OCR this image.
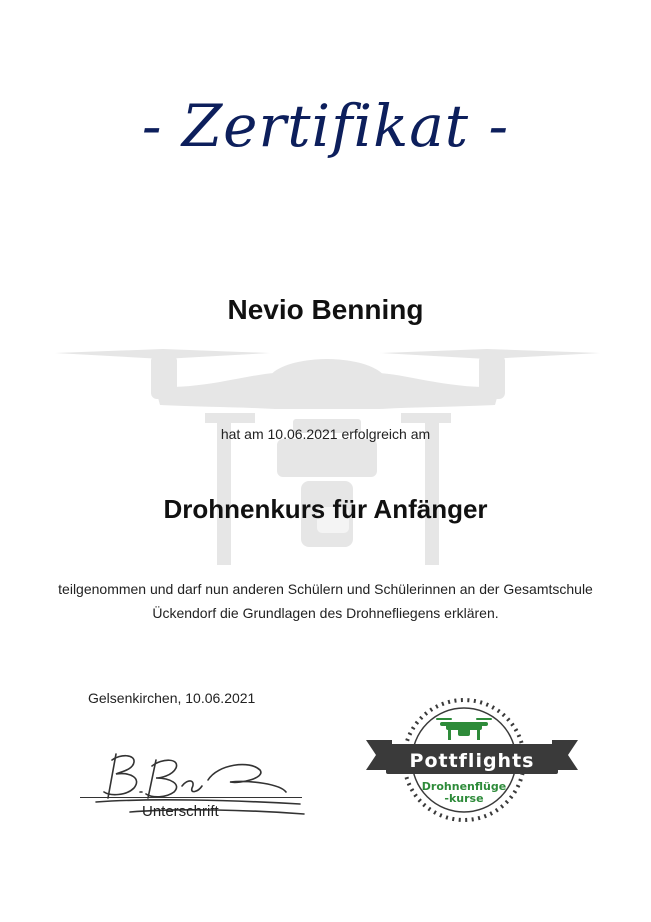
- Zertifikat -
Nevio Benning
hat am 10.06.2021 erfolgreich am
Drohnenkurs für Anfänger
teilgenommen und darf nun anderen Schülern und Schülerinnen an der Gesamtschule Ückendorf die Grundlagen des Drohnefliegens erklären.
Gelsenkirchen, 10.06.2021
Unterschrift
Pottflights
Drohnenflüge
-kurse
